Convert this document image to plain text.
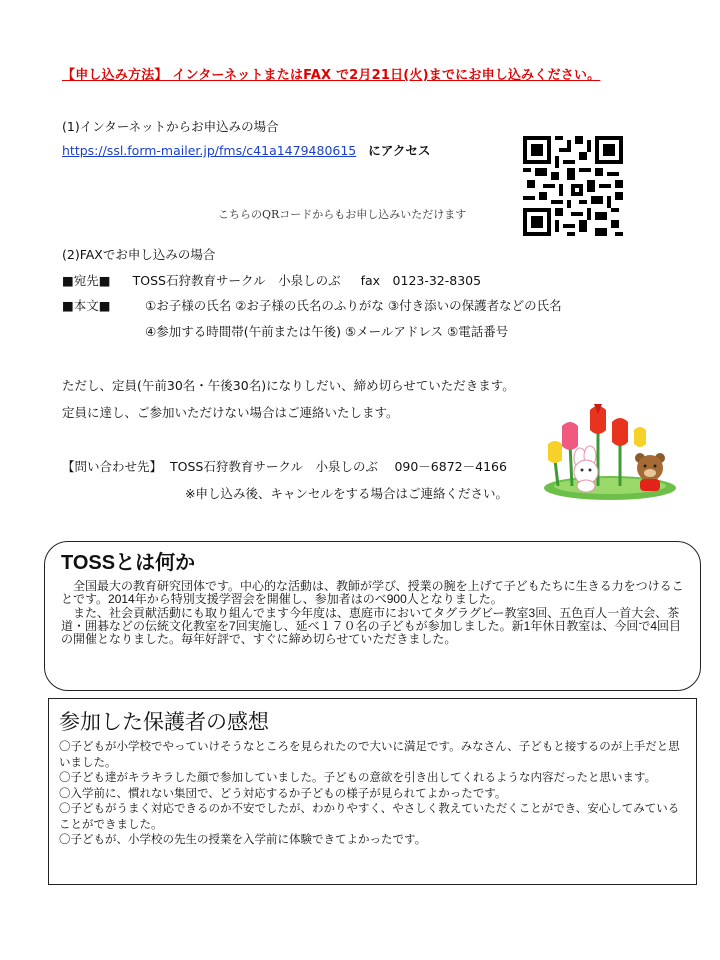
【申し込み方法】 インターネットまたはFAX で2月21日(火)までにお申し込みください。
(1)インターネットからお申込みの場合
https://ssl.form-mailer.jp/fms/c41a1479480615 にアクセス
こちらのQRコードからもお申し込みいただけます
(2)FAXでお申し込みの場合
■宛先■ TOSS石狩教育サークル　小泉しのぶ fax　0123-32-8305
■本文■	①お子様の氏名 ②お子様の氏名のふりがな ③付き添いの保護者などの氏名
④参加する時間帯(午前または午後) ⑤メールアドレス ⑤電話番号
ただし、定員(午前30名・午後30名)になりしだい、締め切らせていただきます。
定員に達し、ご参加いただけない場合はご連絡いたします。
【問い合わせ先】 TOSS石狩教育サークル　小泉しのぶ　 090－6872－4166
※申し込み後、キャンセルをする場合はご連絡ください。
TOSSとは何か

全国最大の教育研究団体です。中心的な活動は、教師が学び、授業の腕を上げて子どもたちに生きる力をつけることです。2014年から特別支援学習会を開催し、参加者はのべ900人となりました。

また、社会貢献活動にも取り組んでます今年度は、恵庭市においてタグラグビー教室3回、五色百人一首大会、茶道・囲碁などの伝統文化教室を7回実施し、延べ１７０名の子どもが参加しました。新1年休日教室は、今回で4回目の開催となりました。毎年好評で、すぐに締め切らせていただきました。

参加した保護者の感想

〇子どもが小学校でやっていけそうなところを見られたので大いに満足です。みなさん、子どもと接するのが上手だと思いました。

〇子ども達がキラキラした顔で参加していました。子どもの意欲を引き出してくれるような内容だったと思います。

〇入学前に、慣れない集団で、どう対応するか子どもの様子が見られてよかったです。

〇子どもがうまく対応できるのか不安でしたが、わかりやすく、やさしく教えていただくことができ、安心してみていることができました。

〇子どもが、小学校の先生の授業を入学前に体験できてよかったです。
